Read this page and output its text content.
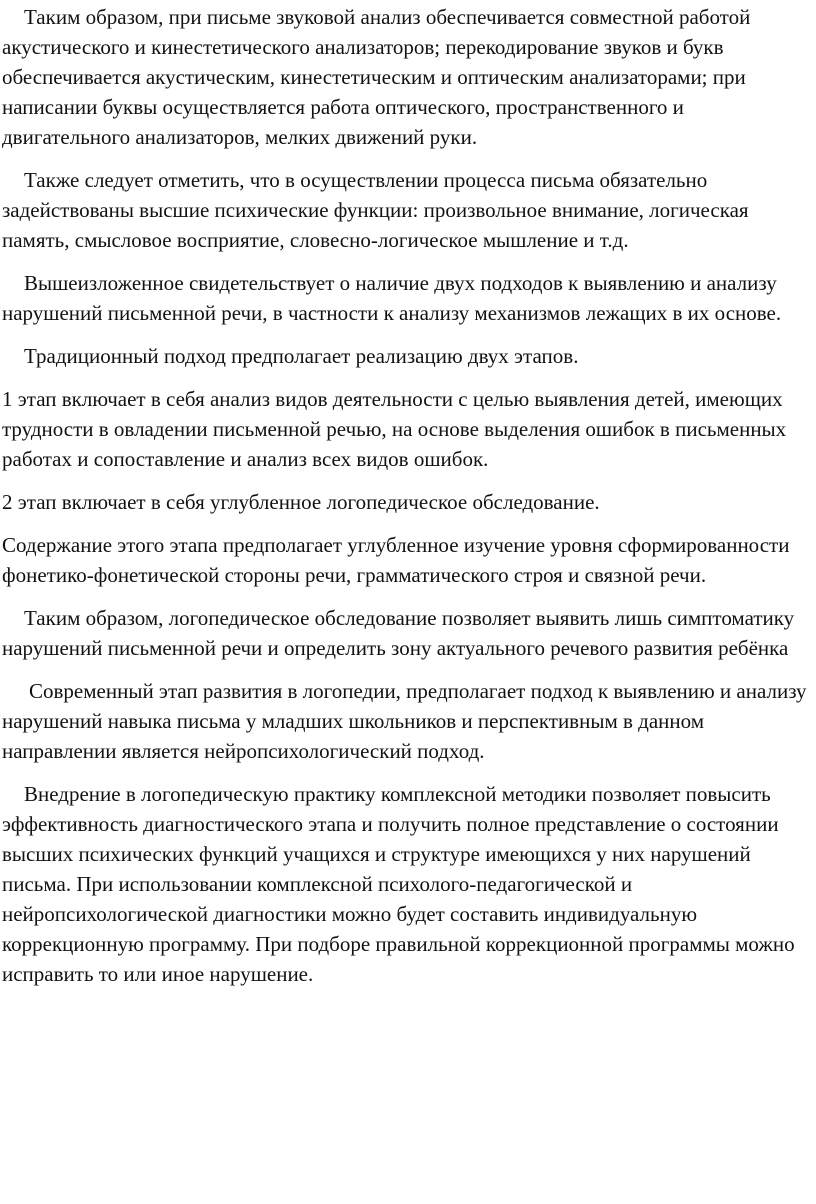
Таким образом, при письме звуковой анализ обеспечивается совместной работой акустического и кинестетического анализаторов; перекодирование звуков и букв обеспечивается акустическим, кинестетическим и оптическим анализаторами; при написании буквы осуществляется работа оптического, пространственного и двигательного анализаторов, мелких движений руки.

Также следует отметить, что в осуществлении процесса письма обязательно задействованы высшие психические функции: произвольное внимание, логическая память, смысловое восприятие, словесно-логическое мышление и т.д.

Вышеизложенное свидетельствует о наличие двух подходов к выявлению и анализу нарушений письменной речи, в частности к анализу механизмов лежащих в их основе.

Традиционный подход предполагает реализацию двух этапов.

1 этап включает в себя анализ видов деятельности с целью выявления детей, имеющих трудности в овладении письменной речью, на основе выделения ошибок в письменных работах и сопоставление и анализ всех видов ошибок.

2 этап включает в себя углубленное логопедическое обследование.

Содержание этого этапа предполагает углубленное изучение уровня сформированности фонетико-фонетической стороны речи, грамматического строя и связной речи.

Таким образом, логопедическое обследование позволяет выявить лишь симптоматику нарушений письменной речи и определить зону актуального речевого развития ребёнка

Современный этап развития в логопедии, предполагает подход к выявлению и анализу нарушений навыка письма у младших школьников и перспективным в данном направлении является нейропсихологический подход.

Внедрение в логопедическую практику комплексной методики позволяет повысить эффективность диагностического этапа и получить полное представление о состоянии высших психических функций учащихся и структуре имеющихся у них нарушений письма. При использовании комплексной психолого-педагогической и нейропсихологической диагностики можно будет составить индивидуальную коррекционную программу. При подборе правильной коррекционной программы можно исправить то или иное нарушение.
